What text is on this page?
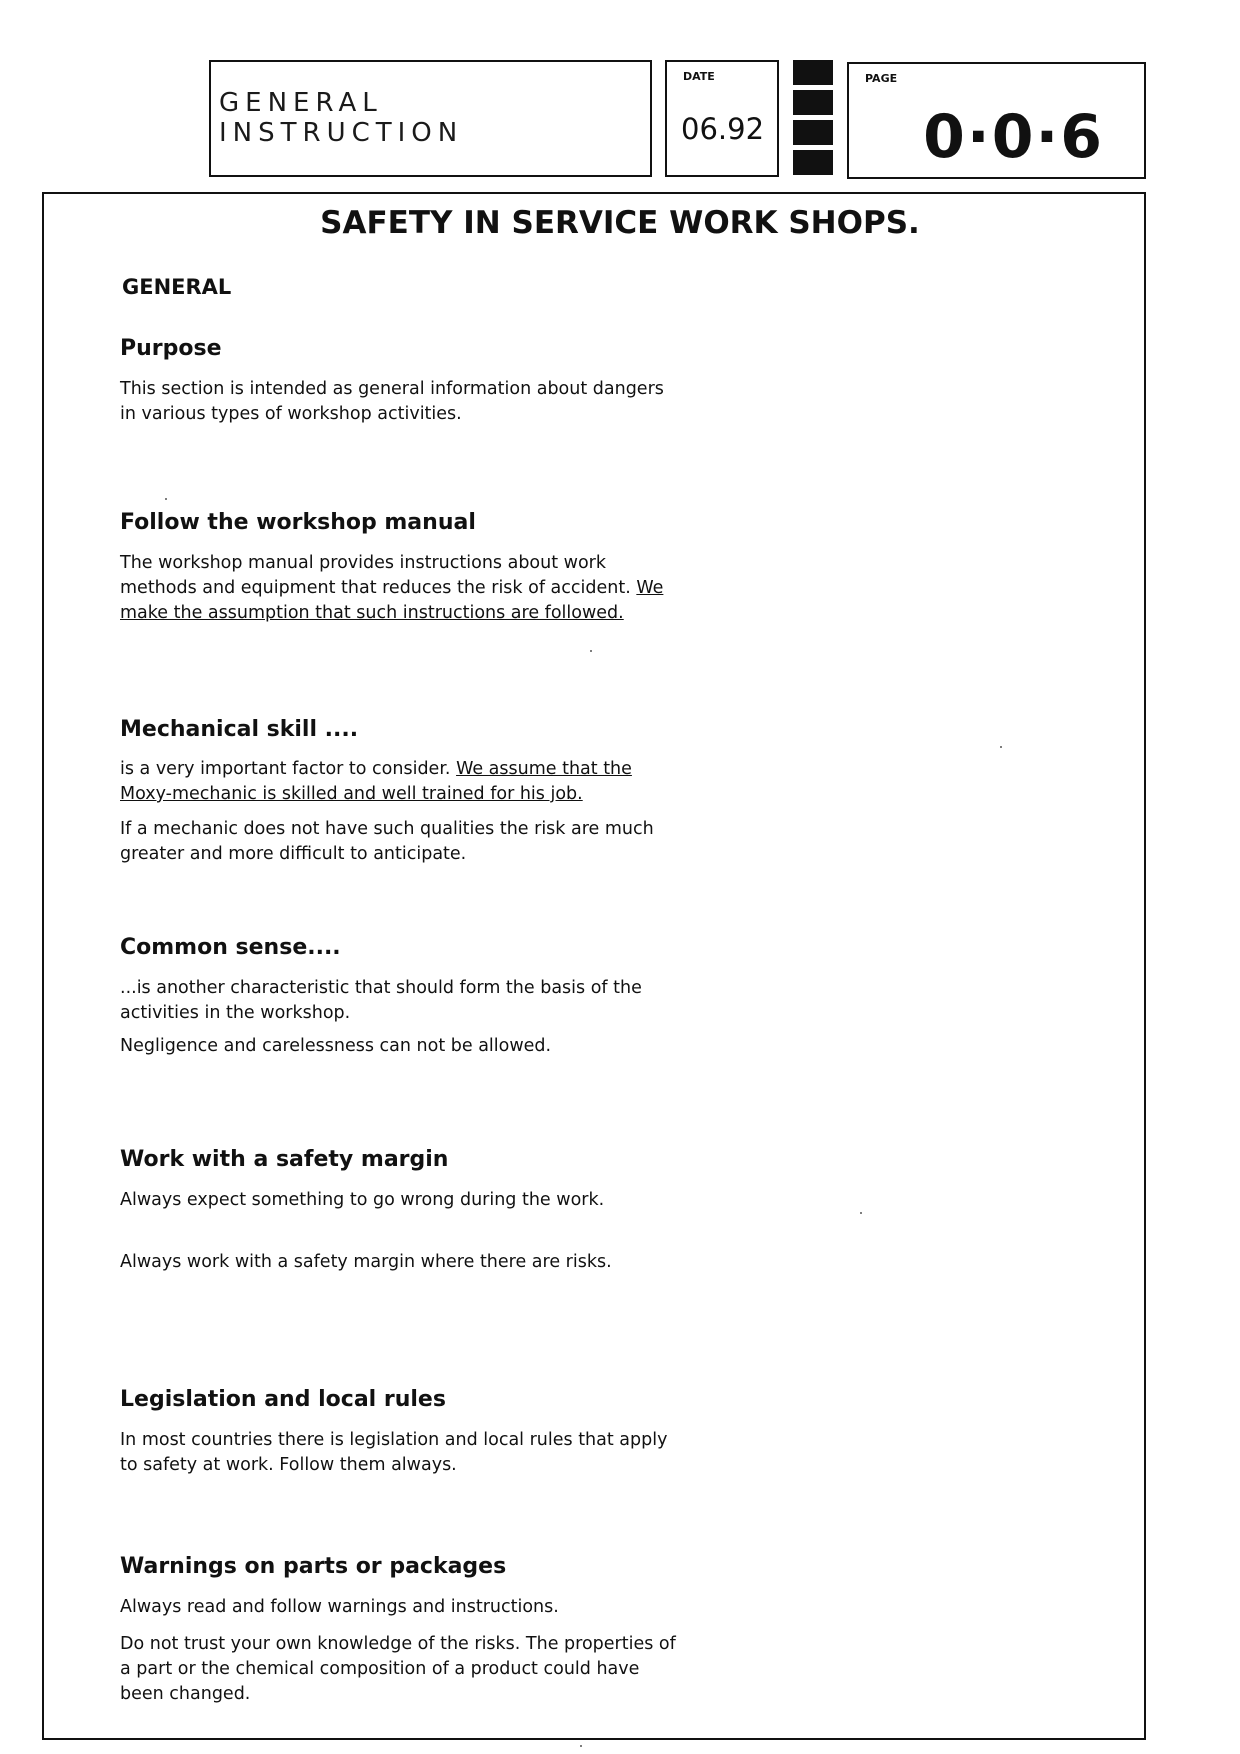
GENERAL
INSTRUCTION
DATE
06.92
PAGE
0·0·6
SAFETY IN SERVICE WORK SHOPS.
GENERAL
Purpose
This section is intended as general information about dangers in various types of workshop activities.
Follow the workshop manual
The workshop manual provides instructions about work methods and equipment that reduces the risk of accident. We make the assumption that such instructions are followed.
Mechanical skill ....
is a very important factor to consider. We assume that the Moxy-mechanic is skilled and well trained for his job.
If a mechanic does not have such qualities the risk are much greater and more difficult to anticipate.
Common sense....
...is another characteristic that should form the basis of the activities in the workshop.
Negligence and carelessness can not be allowed.
Work with a safety margin
Always expect something to go wrong during the work.
Always work with a safety margin where there are risks.
Legislation and local rules
In most countries there is legislation and local rules that apply to safety at work. Follow them always.
Warnings on parts or packages
Always read and follow warnings and instructions.
Do not trust your own knowledge of the risks. The properties of a part or the chemical composition of a product could have been changed.
